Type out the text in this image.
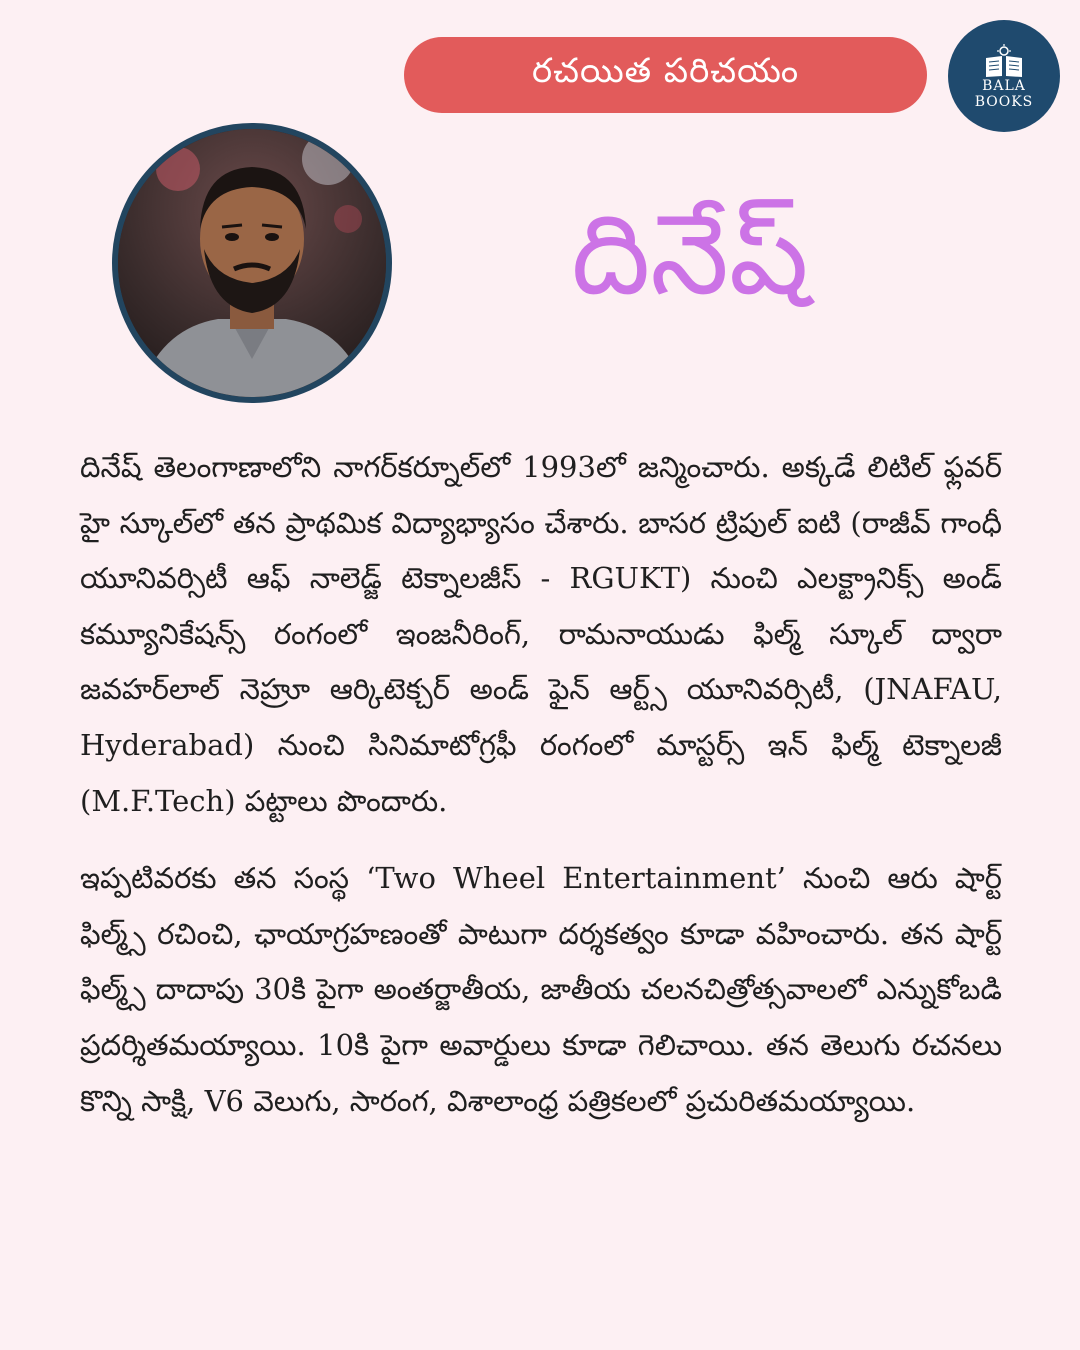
రచయిత పరిచయం	BALA
BOOKS
దినేష్

దినేష్ తెలంగాణాలోని నాగర్‌కర్నూల్‌లో 1993లో జన్మించారు. అక్కడే లిటిల్ ఫ్లవర్ హై స్కూల్‌లో తన ప్రాథమిక విద్యాభ్యాసం చేశారు. బాసర ట్రిపుల్ ఐటి (రాజీవ్ గాంధీ యూనివర్సిటీ ఆఫ్ నాలెడ్జ్ టెక్నాలజీస్ - RGUKT) నుంచి ఎలక్ట్రానిక్స్ అండ్ కమ్యూనికేషన్స్ రంగంలో ఇంజనీరింగ్, రామనాయుడు ఫిల్మ్ స్కూల్ ద్వారా జవహర్‌లాల్ నెహ్రూ ఆర్కిటెక్చర్ అండ్ ఫైన్ ఆర్ట్స్ యూనివర్సిటీ, (JNAFAU, Hyderabad) నుంచి సినిమాటోగ్రఫీ రంగంలో మాస్టర్స్ ఇన్ ఫిల్మ్ టెక్నాలజీ (M.F.Tech) పట్టాలు పొందారు.

ఇప్పటివరకు తన సంస్థ ‘Two Wheel Entertainment’ నుంచి ఆరు షార్ట్ ఫిల్మ్స్ రచించి, ఛాయాగ్రహణంతో పాటుగా దర్శకత్వం కూడా వహించారు. తన షార్ట్ ఫిల్మ్స్ దాదాపు 30కి పైగా అంతర్జాతీయ, జాతీయ చలనచిత్రోత్సవాలలో ఎన్నుకోబడి ప్రదర్శితమయ్యాయి. 10కి పైగా అవార్డులు కూడా గెలిచాయి. తన తెలుగు రచనలు కొన్ని సాక్షి, V6 వెలుగు, సారంగ, విశాలాంధ్ర పత్రికలలో ప్రచురితమయ్యాయి.
